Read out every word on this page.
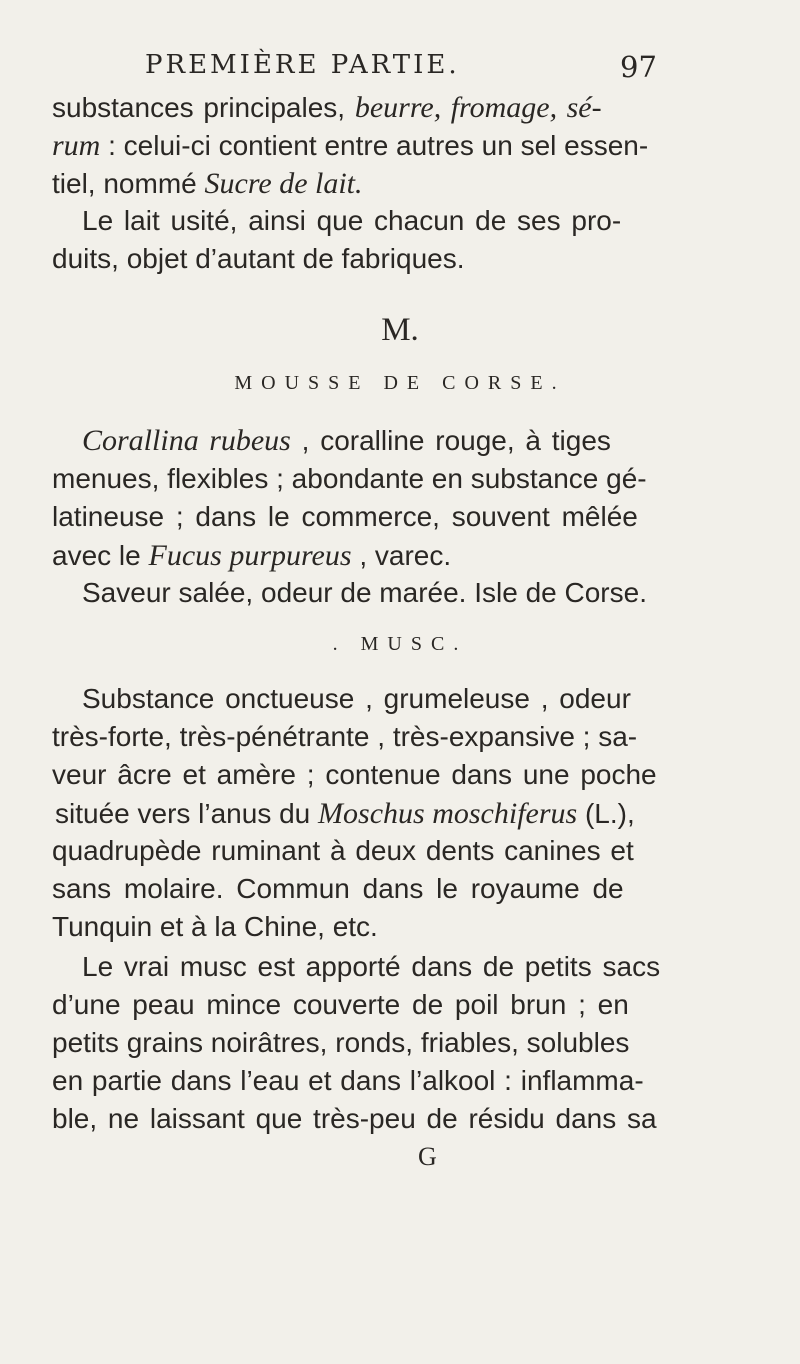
PREMIÈRE PARTIE.	97
substances principales, beurre, fromage, sé-
rum : celui-ci contient entre autres un sel essen-
tiel, nommé Sucre de lait.
Le lait usité, ainsi que chacun de ses pro-
duits, objet d’autant de fabriques.
M.
MOUSSE DE CORSE.
Corallina rubeus , coralline rouge, à tiges
menues, flexibles ; abondante en substance gé-
latineuse ; dans le commerce, souvent mêlée
avec le Fucus purpureus , varec.
Saveur salée, odeur de marée. Isle de Corse.
. MUSC.
Substance onctueuse , grumeleuse , odeur
très-forte, très-pénétrante , très-expansive ; sa-
veur âcre et amère ; contenue dans une poche
située vers l’anus du Moschus moschiferus (L.),
quadrupède ruminant à deux dents canines et
sans molaire. Commun dans le royaume de
Tunquin et à la Chine, etc.
Le vrai musc est apporté dans de petits sacs
d’une peau mince couverte de poil brun ; en
petits grains noirâtres, ronds, friables, solubles
en partie dans l’eau et dans l’alkool : inflamma-
ble, ne laissant que très-peu de résidu dans sa
G
